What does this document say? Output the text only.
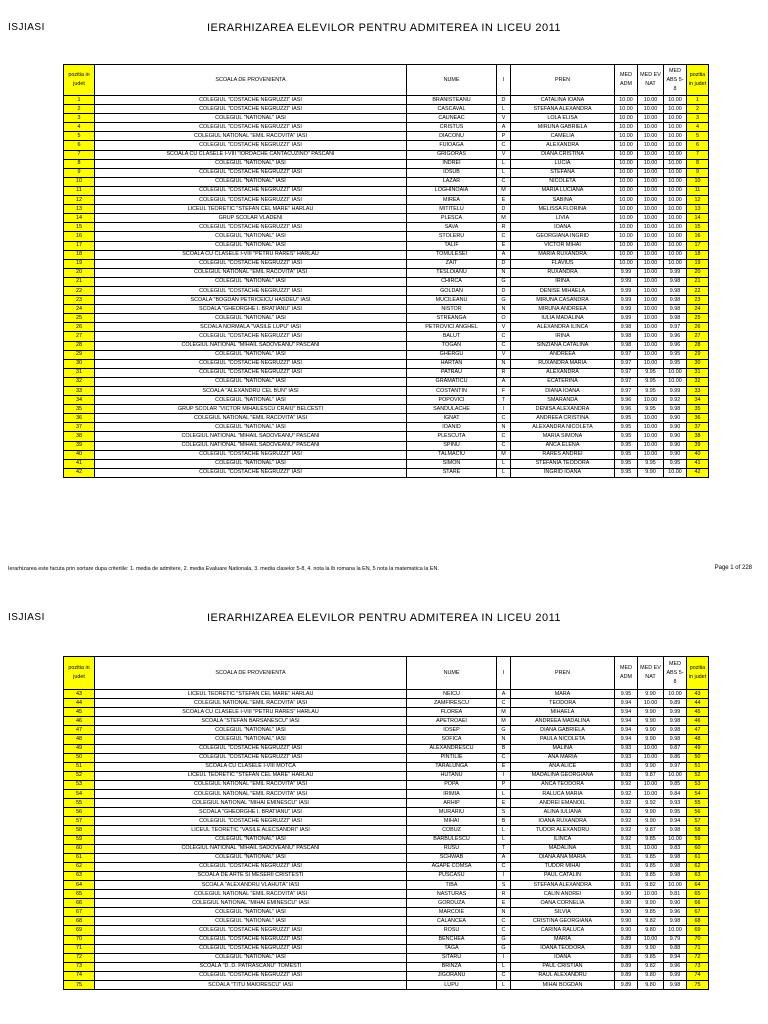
ISJIASI	IERARHIZAREA ELEVILOR PENTRU ADMITEREA IN LICEU 2011
pozitia in judet	SCOALA DE PROVENIENTA	NUME	I	PREN	MED ADM	MED EV NAT	MED ABS 5-8	pozitia in judet
1	COLEGIUL "COSTACHE NEGRUZZI" IASI	BRANISTEANU	D	CATALINA IOANA	10.00	10.00	10.00	1
2	COLEGIUL "COSTACHE NEGRUZZI" IASI	CASCAVAL	L	STEFANA ALEXANDRA	10.00	10.00	10.00	2
3	COLEGIUL "NATIONAL" IASI	CAUNEAC	V	LOLA ELISA	10.00	10.00	10.00	3
4	COLEGIUL "COSTACHE NEGRUZZI" IASI	CRISTUS	A	MIRUNA GABRIELA	10.00	10.00	10.00	4
5	COLEGIUL NATIONAL "EMIL RACOVITA" IASI	DIACONU	P	CAMELIA	10.00	10.00	10.00	5
6	COLEGIUL "COSTACHE NEGRUZZI" IASI	FUIOAGA	C	ALEXANDRA	10.00	10.00	10.00	6
7	SCOALA CU CLASELE I-VIII "IORDACHE CANTACUZINO" PASCANI	GRIGORAS	V	DIANA CRISTINA	10.00	10.00	10.00	7
8	COLEGIUL "NATIONAL" IASI	INDREI	L	LUCIA	10.00	10.00	10.00	8
9	COLEGIUL "COSTACHE NEGRUZZI" IASI	IOSUB	L	STEFANA	10.00	10.00	10.00	9
10	COLEGIUL "NATIONAL" IASI	LAZAR	C	NICOLETA	10.00	10.00	10.00	10
11	COLEGIUL "COSTACHE NEGRUZZI" IASI	LOGHINOAIA	M	MARIA LUCIANA	10.00	10.00	10.00	11
12	COLEGIUL "COSTACHE NEGRUZZI" IASI	MIREA	E	SABINA	10.00	10.00	10.00	12
13	LICEUL TEORETIC "STEFAN CEL MARE" HARLAU	MITITELU	D	MELISSA FLORINA	10.00	10.00	10.00	13
14	GRUP SCOLAR VLADENI	PLESCA	M	LIVIA	10.00	10.00	10.00	14
15	COLEGIUL "COSTACHE NEGRUZZI" IASI	SAVA	R	IOANA	10.00	10.00	10.00	15
16	COLEGIUL "NATIONAL" IASI	STOLERU	C	GEORGIANA INGRID	10.00	10.00	10.00	16
17	COLEGIUL "NATIONAL" IASI	TALIF	E	VICTOR MIHAI	10.00	10.00	10.00	17
18	SCOALA CU CLASELE I-VIII "PETRU RARES" HARLAU	TOMULESEI	A	MARIA RUXANDRA	10.00	10.00	10.00	18
19	COLEGIUL "COSTACHE NEGRUZZI" IASI	ZAIT	D	FLAVIUS	10.00	10.00	10.00	19
20	COLEGIUL NATIONAL "EMIL RACOVITA" IASI	TESLOIANU	N	RUXANDRA	9.99	10.00	9.99	20
21	COLEGIUL "NATIONAL" IASI	CHIRCA	G	IRINA	9.99	10.00	9.98	21
22	COLEGIUL "COSTACHE NEGRUZZI" IASI	GOLDAN	D	DENISE MIHAELA	9.99	10.00	9.98	22
23	SCOALA "BOGDAN PETRICEICU HASDEU" IASI	MUCILEANU	G	MIRUNA CASANDRA	9.99	10.00	9.98	23
24	SCOALA "GHEORGHE I. BRATIANU" IASI	NISTOR	N	MIRUNA ANDREEA	9.99	10.00	9.98	24
25	COLEGIUL "NATIONAL" IASI	STREANGA	O	IULIA MADALINA	9.99	10.00	9.98	25
26	SCOALA NORMALA "VASILE LUPU" IASI	PETROVICI ANGHEL	V	ALEXANDRA ILINCA	9.98	10.00	9.97	26
27	COLEGIUL "COSTACHE NEGRUZZI" IASI	BALUT	C	IRINA	9.98	10.00	9.96	27
28	COLEGIUL NATIONAL "MIHAIL SADOVEANU" PASCANI	TOGAN	C	SINZIANA CATALINA	9.98	10.00	9.96	28
29	COLEGIUL "NATIONAL" IASI	GHERGU	V	ANDREEA	9.97	10.00	9.95	29
30	COLEGIUL "COSTACHE NEGRUZZI" IASI	HARTAN	N	RUXANDRA MARIA	9.97	10.00	9.95	30
31	COLEGIUL "COSTACHE NEGRUZZI" IASI	PATRAU	R	ALEXANDRA	9.97	9.95	10.00	31
32	COLEGIUL "NATIONAL" IASI	GRAMATICU	A	ECATERINA	9.97	9.95	10.00	32
33	SCOALA "ALEXANDRU CEL BUN" IASI	COSTANTIN	F	DIANA IOANA	9.97	9.95	9.99	33
34	COLEGIUL "NATIONAL" IASI	POPOVICI	T	SMARANDA	9.96	10.00	9.92	34
35	GRUP SCOLAR "VICTOR MIHAILESCU CRAIU" BELCESTI	SANDULACHE	I	DENISA ALEXANDRA	9.96	9.95	9.98	35
36	COLEGIUL NATIONAL "EMIL RACOVITA" IASI	IGNAT	C	ANDREEA CRISTINA	9.95	10.00	9.90	36
37	COLEGIUL "NATIONAL" IASI	IOANID	N	ALEXANDRA NICOLETA	9.95	10.00	9.90	37
38	COLEGIUL NATIONAL "MIHAIL SADOVEANU" PASCANI	PLESCUTA	C	MARIA SIMONA	9.95	10.00	9.90	38
39	COLEGIUL NATIONAL "MIHAIL SADOVEANU" PASCANI	SPINU	C	ANCA ELENA	9.95	10.00	9.90	39
40	COLEGIUL "COSTACHE NEGRUZZI" IASI	TALMACIU	M	RARES ANDREI	9.95	10.00	9.90	40
41	COLEGIUL "NATIONAL" IASI	SIMON	L	STEFANIA TEODORA	9.95	9.95	9.95	41
42	COLEGIUL "COSTACHE NEGRUZZI" IASI	STARE	L	INGRID IOANA	9.95	9.90	10.00	42
Ierarhizarea este facuta prin sortare dupa criteriile: 1. media de admitere, 2. media Evaluare Nationala, 3. media claselor 5-8, 4. nota la lb romana la EN, 5 nota la matematica la EN.	Page 1 of 228
ISJIASI	IERARHIZAREA ELEVILOR PENTRU ADMITEREA IN LICEU 2011
pozitia in judet	SCOALA DE PROVENIENTA	NUME	I	PREN	MED ADM	MED EV NAT	MED ABS 5-8	pozitia in judet
43	LICEUL TEORETIC "STEFAN CEL MARE" HARLAU	NEICU	A	MARA	9.95	9.90	10.00	43
44	COLEGIUL NATIONAL "EMIL RACOVITA" IASI	ZAMFIRESCU	C	TEODORA	9.94	10.00	9.89	44
45	SCOALA CU CLASELE I-VIII "PETRU RARES" HARLAU	FLOREA	M	MIHAELA	9.94	9.90	9.99	45
46	SCOALA "STEFAN BARSANESCU" IASI	APETROAEI	M	ANDREEA MADALINA	9.94	9.90	9.98	46
47	COLEGIUL "NATIONAL" IASI	IOSEP	G	DIANA GABRIELA	9.94	9.90	9.98	47
48	COLEGIUL "NATIONAL" IASI	SOFICA	N	PAULA NICOLETA	9.94	9.90	9.98	48
49	COLEGIUL "COSTACHE NEGRUZZI" IASI	ALEXANDRESCU	B	MALINA	9.93	10.00	9.87	49
50	COLEGIUL "COSTACHE NEGRUZZI" IASI	PINTILIE	C	ANA MARIA	9.93	10.00	9.86	50
51	SCOALA CU CLASELE I-VIII MOTCA	TARALUNGA	E	ANA ALICE	9.93	9.90	9.97	51
52	LICEUL TEORETIC "STEFAN CEL MARE" HARLAU	HUTANU	I	MADALINA GEORGIANA	9.93	9.87	10.00	52
53	COLEGIUL NATIONAL "EMIL RACOVITA" IASI	POPA	P	ANCA TEODORA	9.92	10.00	9.85	53
54	COLEGIUL NATIONAL "EMIL RACOVITA" IASI	IRIMIA	L	RALUCA MARIA	9.92	10.00	9.84	54
55	COLEGIUL NATIONAL "MIHAI EMINESCU" IASI	ARHIP	E	ANDREI EMANOIL	9.92	9.92	9.93	55
56	SCOALA "GHEORGHE I. BRATIANU" IASI	MURARIU	S	ALINA IULIANA	9.92	9.90	9.95	56
57	COLEGIUL "COSTACHE NEGRUZZI" IASI	MIHAI	B	IOANA RUXANDRA	9.92	9.90	9.94	57
58	LICEUL TEORETIC "VASILE ALECSANDRI" IASI	COBUZ	L	TUDOR ALEXANDRU	9.92	9.87	9.98	58
59	COLEGIUL "NATIONAL" IASI	BARBULESCU	L	ILINCA	9.92	9.85	10.00	59
60	COLEGIUL NATIONAL "MIHAIL SADOVEANU" PASCANI	RUSU	T	MADALINA	9.91	10.00	9.83	60
61	COLEGIUL "NATIONAL" IASI	SCHWAB	A	DIANA ANA MARIA	9.91	9.85	9.98	61
62	COLEGIUL "COSTACHE NEGRUZZI" IASI	AGAPE COMSA	C	TUDOR MIHAI	9.91	9.85	9.98	62
63	SCOALA DE ARTE SI MESERII CRISTESTI	PUSCASU	I	PAUL CATALIN	9.91	9.85	9.98	63
64	SCOALA "ALEXANDRU VLAHUTA" IASI	TIBA	S	STEFANA ALEXANDRA	9.91	9.82	10.00	64
65	COLEGIUL NATIONAL "EMIL RACOVITA" IASI	NASTURAS	R	CALIN ANDREI	9.90	10.00	9.81	65
66	COLEGIUL NATIONAL "MIHAI EMINESCU" IASI	GORDUZA	E	OANA CORNELIA	9.90	9.90	9.90	66
67	COLEGIUL "NATIONAL" IASI	MARCOIE	N	SILVIA	9.90	9.85	9.96	67
68	COLEGIUL "NATIONAL" IASI	CALANCEA	C	CRISTINA GEORGIANA	9.90	9.82	9.98	68
69	COLEGIUL "COSTACHE NEGRUZZI" IASI	ROSU	C	CARINA RALUCA	9.90	9.80	10.00	69
70	COLEGIUL "COSTACHE NEGRUZZI" IASI	BENCHEA	G	MARIA	9.89	10.00	9.79	70
71	COLEGIUL "COSTACHE NEGRUZZI" IASI	TAGA	G	IOANA TEODORA	9.89	9.90	9.88	71
72	COLEGIUL "NATIONAL" IASI	SITARU	I	IOANA	9.89	9.85	9.94	72
73	SCOALA "D. D. PATRASCANU" TOMESTI	BRINZA	L	PAUL CRISTIAN	9.89	9.82	9.96	73
74	COLEGIUL "COSTACHE NEGRUZZI" IASI	JIGORANU	C	RAUL ALEXANDRU	9.89	9.80	9.99	74
75	SCOALA "TITU MAIORESCU" IASI	LUPU	L	MIHAI BOGDAN	9.89	9.80	9.98	75
